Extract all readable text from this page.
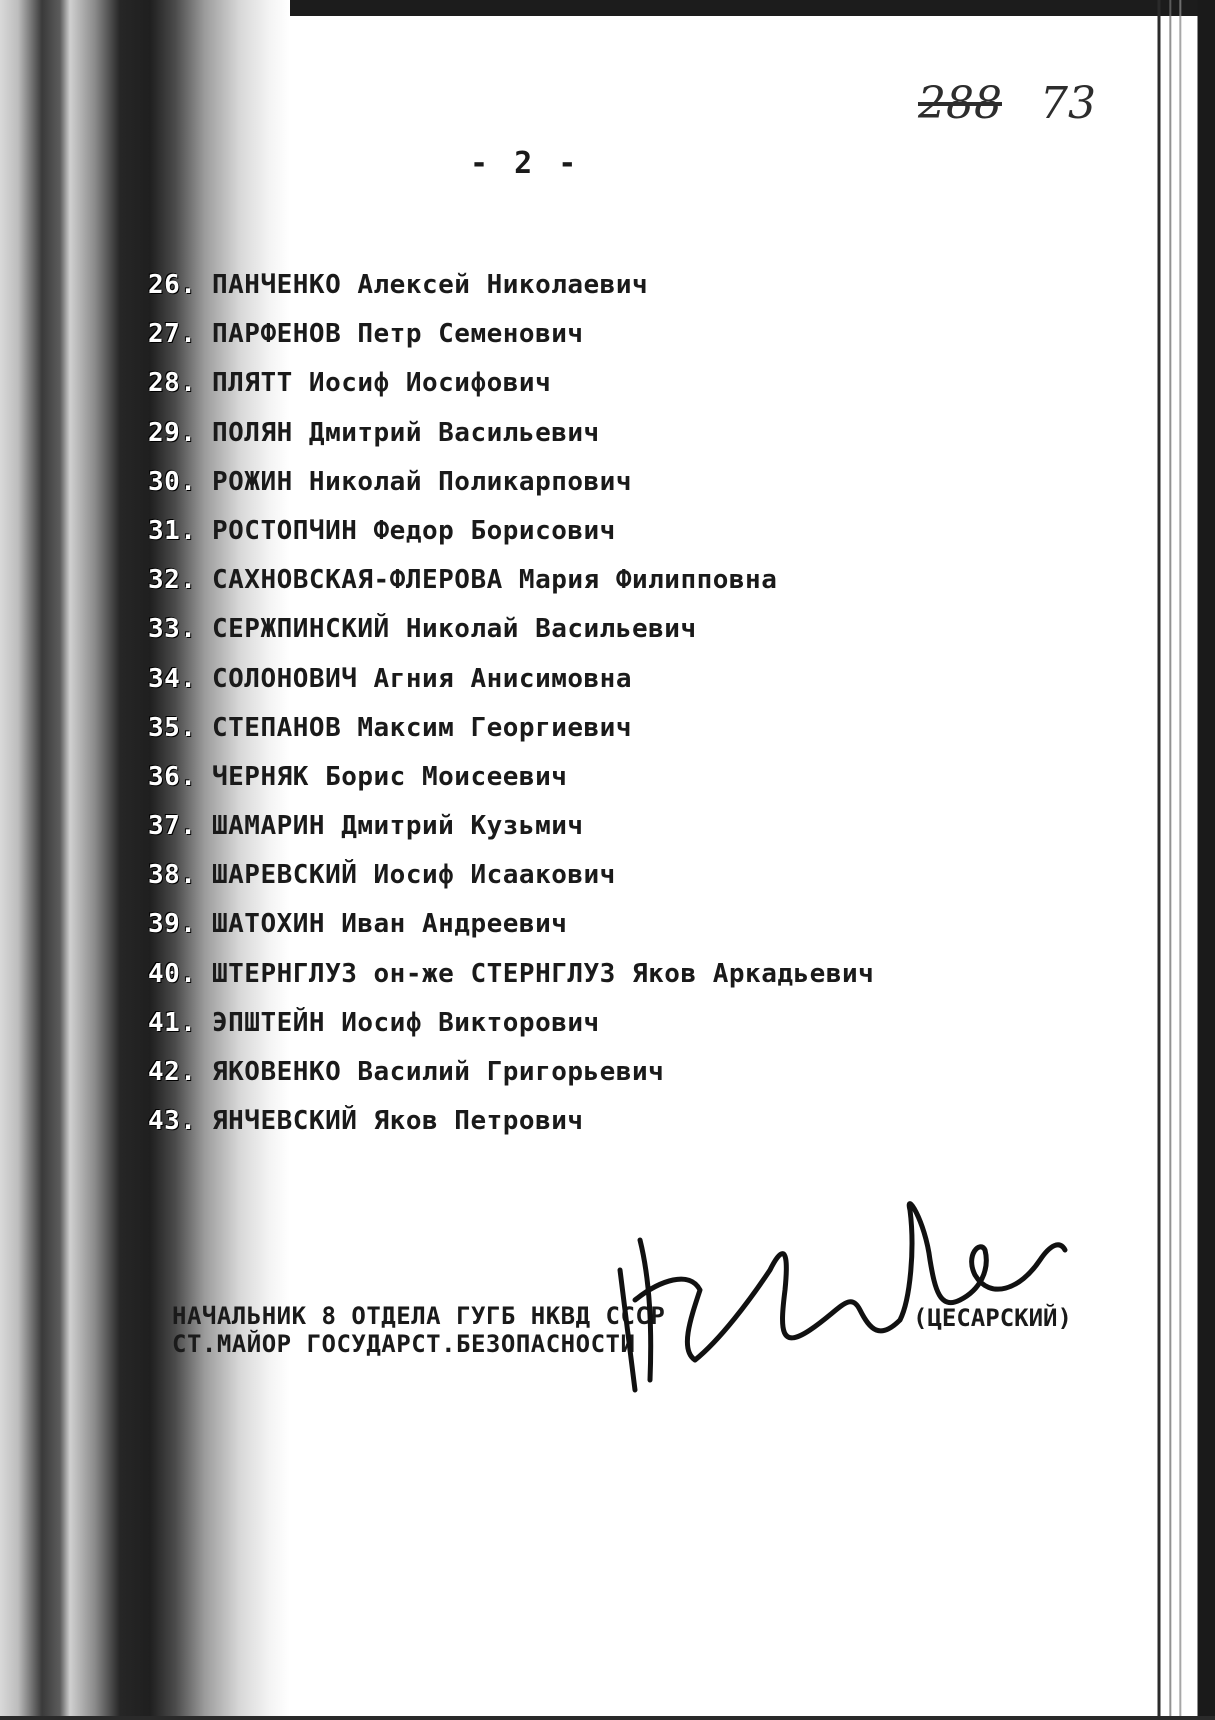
288 73
- 2 -
26. ПАНЧЕНКО Алексей Николаевич
27. ПАРФЕНОВ Петр Семенович
28. ПЛЯТТ Иосиф Иосифович
29. ПОЛЯН Дмитрий Васильевич
30. РОЖИН Николай Поликарпович
31. РОСТОПЧИН Федор Борисович
32. САХНОВСКАЯ-ФЛЕРОВА Мария Филипповна
33. СЕРЖПИНСКИЙ Николай Васильевич
34. СОЛОНОВИЧ Агния Анисимовна
35. СТЕПАНОВ Максим Георгиевич
36. ЧЕРНЯК Борис Моисеевич
37. ШАМАРИН Дмитрий Кузьмич
38. ШАРЕВСКИЙ Иосиф Исаакович
39. ШАТОХИН Иван Андреевич
40. ШТЕРНГЛУЗ он-же СТЕРНГЛУЗ Яков Аркадьевич
41. ЭПШТЕЙН Иосиф Викторович
42. ЯКОВЕНКО Василий Григорьевич
43. ЯНЧЕВСКИЙ Яков Петрович
НАЧАЛЬНИК 8 ОТДЕЛА ГУГБ НКВД СССР
СТ.МАЙОР ГОСУДАРСТ.БЕЗОПАСНОСТИ
(ЦЕСАРСКИЙ)
